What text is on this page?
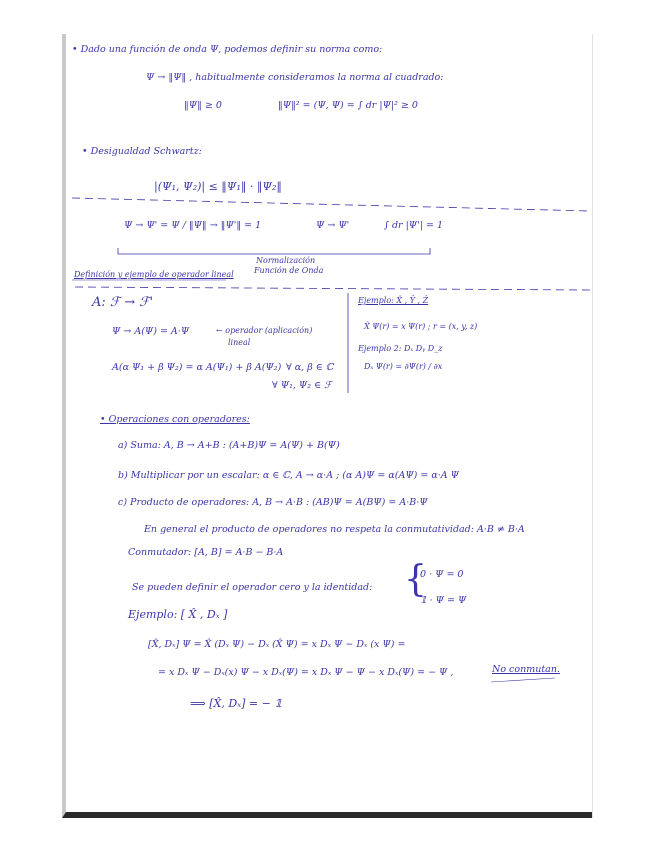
• Dado una función de onda Ψ, podemos definir su norma como:
Ψ → ‖Ψ‖ , habitualmente consideramos la norma al cuadrado:
‖Ψ‖ ≥ 0	‖Ψ‖² = (Ψ, Ψ) = ∫ dr |Ψ|² ≥ 0
• Desigualdad Schwartz:
|(Ψ₁, Ψ₂)| ≤ ‖Ψ₁‖ · ‖Ψ₂‖
Ψ → Ψ' = Ψ / ‖Ψ‖ → ‖Ψ'‖ = 1	Ψ → Ψ'	∫ dr |Ψ'| = 1
Normalización
Función de Onda
Definición y ejemplo de operador lineal
A: ℱ → ℱ'
Ψ → A(Ψ) = A·Ψ	← operador (aplicación)
lineal
A(α Ψ₁ + β Ψ₂) = α A(Ψ₁) + β A(Ψ₂) ∀ α, β ∈ ℂ
∀ Ψ₁, Ψ₂ ∈ ℱ
Ejemplo: X̂ , Ŷ , Ẑ
X̂ Ψ(r) = x Ψ(r) ; r = (x, y, z)
Ejemplo 2: Dₓ Dᵧ D_z
Dₓ Ψ(r) = ∂Ψ(r) / ∂x
• Operaciones con operadores:
a) Suma: A, B → A+B : (A+B)Ψ = A(Ψ) + B(Ψ)
b) Multiplicar por un escalar: α ∈ ℂ, A → α·A ; (α A)Ψ = α(AΨ) = α·A Ψ
c) Producto de operadores: A, B → A·B : (AB)Ψ = A(BΨ) = A·B·Ψ
En general el producto de operadores no respeta la conmutatividad: A·B ≠ B·A
Conmutador: [A, B] = A·B − B·A
Se pueden definir el operador cero y la identidad: {
0 · Ψ = 0
𝟙 · Ψ = Ψ
Ejemplo: [ X̂ , Dₓ ]
[X̂, Dₓ] Ψ = X̂ (Dₓ Ψ) − Dₓ (X̂ Ψ) = x Dₓ Ψ − Dₓ (x Ψ) =
= x Dₓ Ψ − Dₓ(x) Ψ − x Dₓ(Ψ) = x Dₓ Ψ − Ψ − x Dₓ(Ψ) = − Ψ ,	No conmutan.
⟹ [X̂, Dₓ] = − 𝟙
